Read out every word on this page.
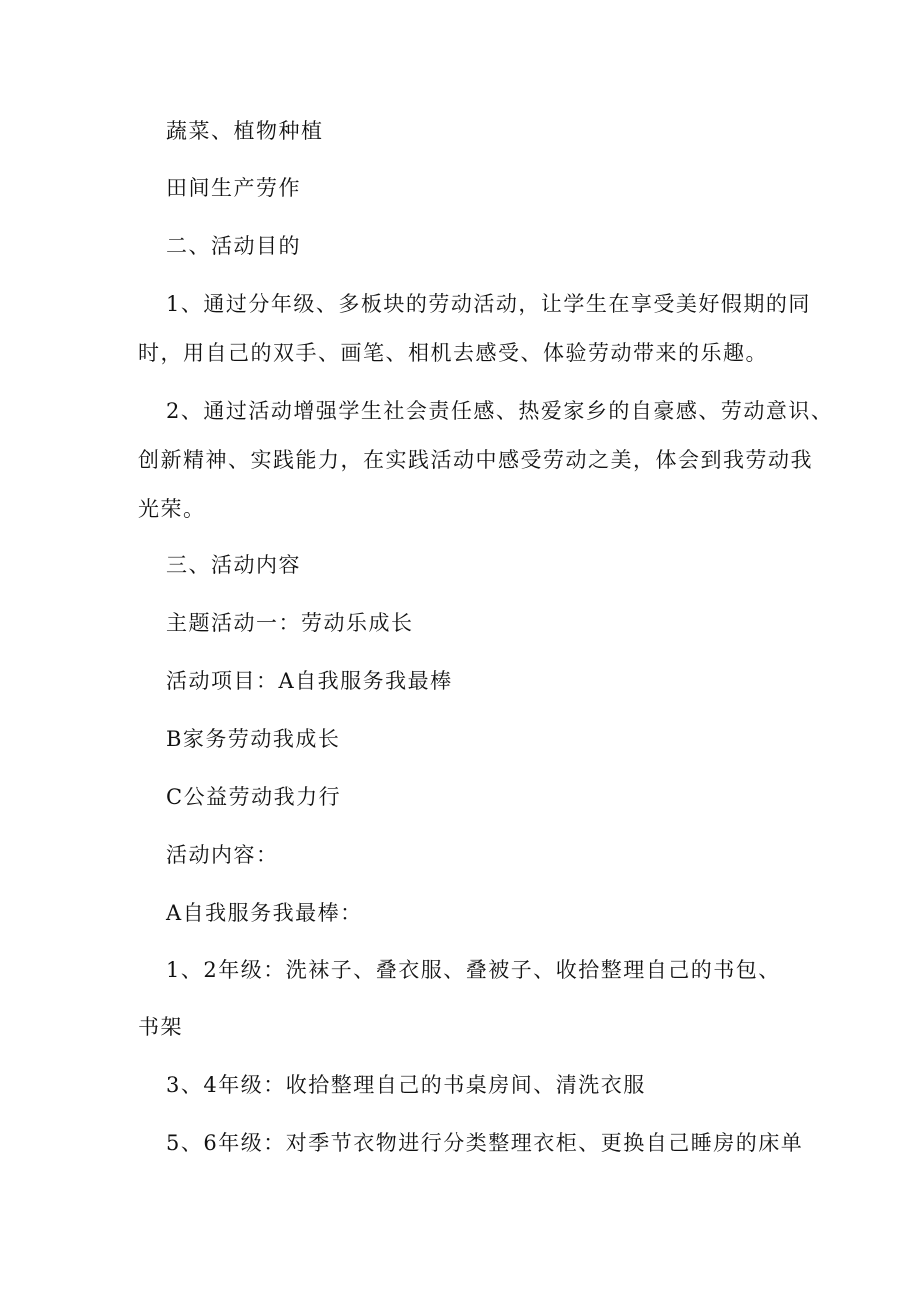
蔬菜、植物种植
田间生产劳作
二、活动目的
1、通过分年级、多板块的劳动活动，让学生在享受美好假期的同
时，用自己的双手、画笔、相机去感受、体验劳动带来的乐趣。
2、通过活动增强学生社会责任感、热爱家乡的自豪感、劳动意识、
创新精神、实践能力，在实践活动中感受劳动之美，体会到我劳动我
光荣。
三、活动内容
主题活动一：劳动乐成长
活动项目：A自我服务我最棒
B家务劳动我成长
C公益劳动我力行
活动内容：
A自我服务我最棒：
1、2年级：洗袜子、叠衣服、叠被子、收拾整理自己的书包、
书架
3、4年级：收拾整理自己的书桌房间、清洗衣服
5、6年级：对季节衣物进行分类整理衣柜、更换自己睡房的床单
